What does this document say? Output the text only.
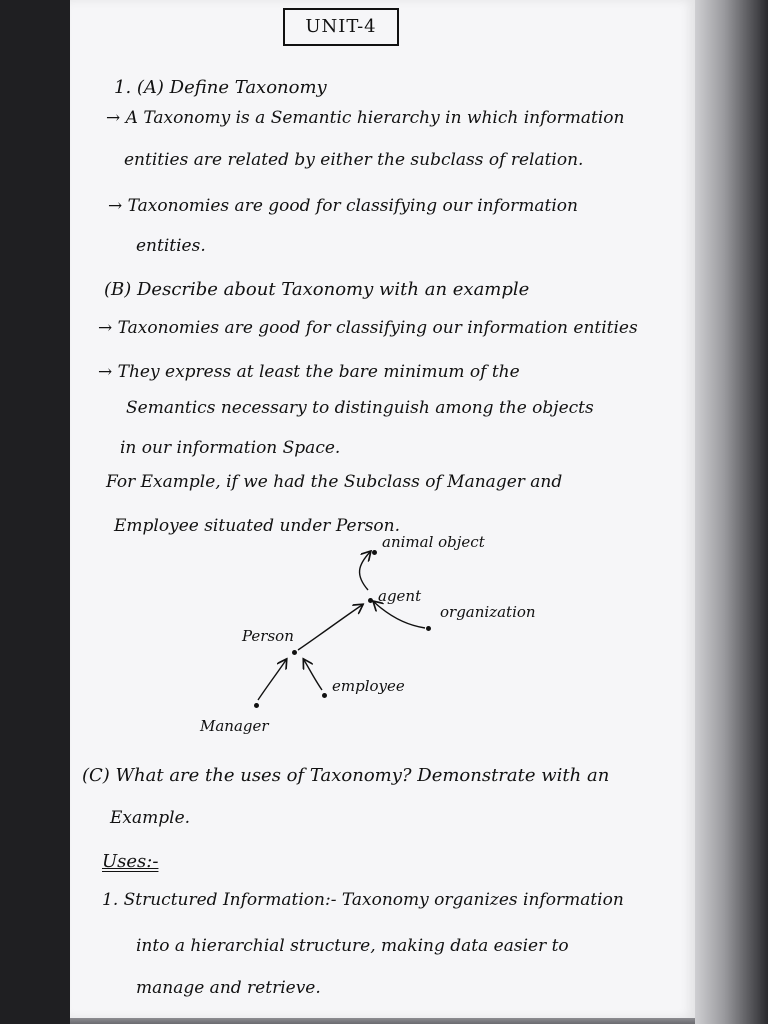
UNIT-4
1. (A) Define Taxonomy
→ A Taxonomy is a Semantic hierarchy in which information
entities are related by either the subclass of relation.
→ Taxonomies are good for classifying our information
entities.
(B) Describe about Taxonomy with an example
→ Taxonomies are good for classifying our information entities
→ They express at least the bare minimum of the
Semantics necessary to distinguish among the objects
in our information Space.
For Example, if we had the Subclass of Manager and
Employee situated under Person.
animal object
agent
organization
Person
employee
Manager
(C) What are the uses of Taxonomy? Demonstrate with an
Example.
Uses:-
1. Structured Information:- Taxonomy organizes information
into a hierarchial structure, making data easier to
manage and retrieve.
